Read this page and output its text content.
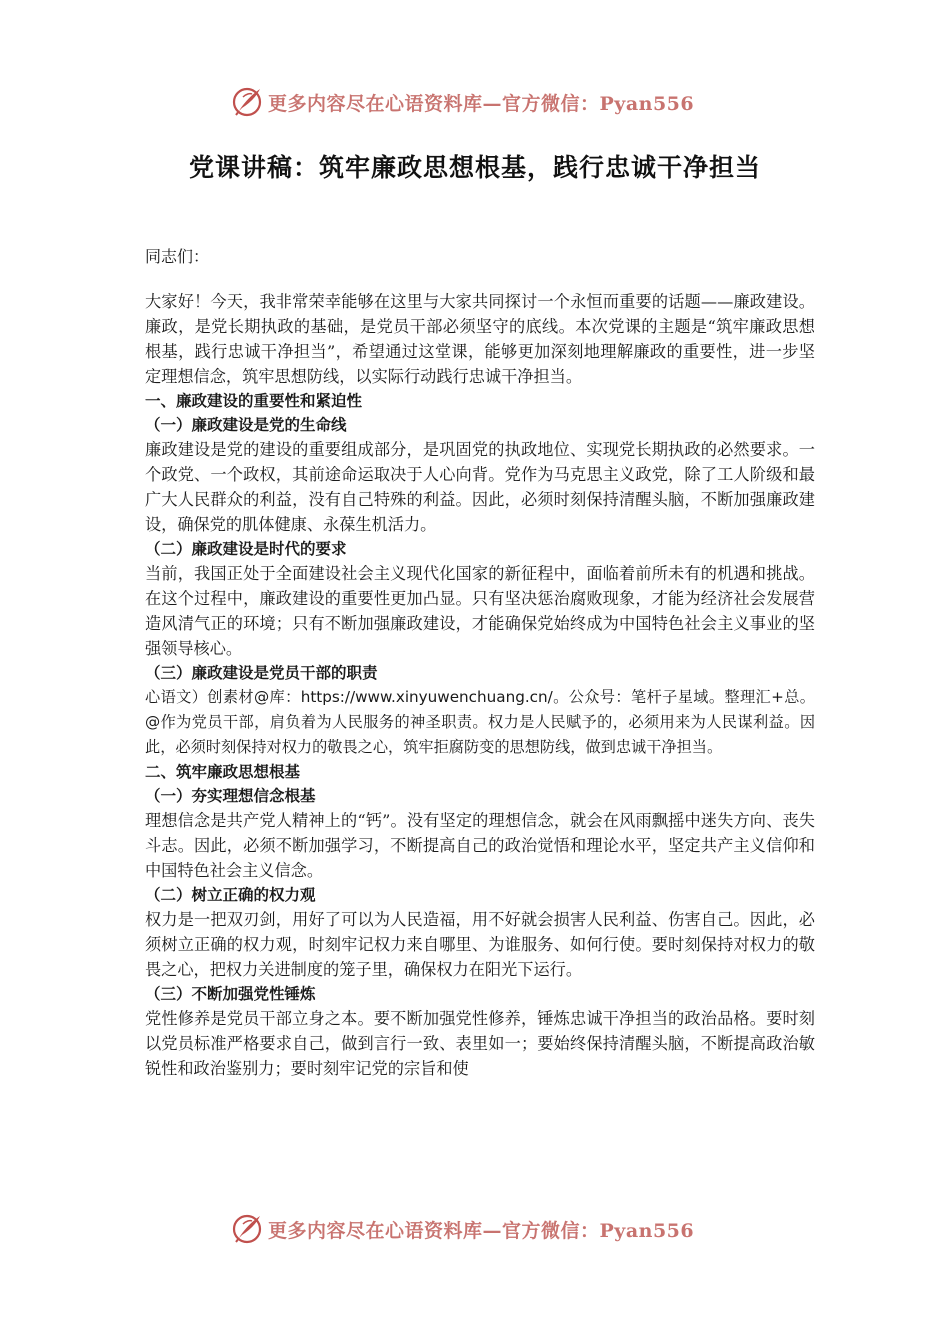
更多内容尽在心语资料库—官方微信：Pyan556
党课讲稿：筑牢廉政思想根基，践行忠诚干净担当

同志们：

大家好！今天，我非常荣幸能够在这里与大家共同探讨一个永恒而重要的话题——廉政建设。廉政，是党长期执政的基础，是党员干部必须坚守的底线。本次党课的主题是“筑牢廉政思想根基，践行忠诚干净担当”，希望通过这堂课，能够更加深刻地理解廉政的重要性，进一步坚定理想信念，筑牢思想防线，以实际行动践行忠诚干净担当。

一、廉政建设的重要性和紧迫性

（一）廉政建设是党的生命线

廉政建设是党的建设的重要组成部分，是巩固党的执政地位、实现党长期执政的必然要求。一个政党、一个政权，其前途命运取决于人心向背。党作为马克思主义政党，除了工人阶级和最广大人民群众的利益，没有自己特殊的利益。因此，必须时刻保持清醒头脑，不断加强廉政建设，确保党的肌体健康、永葆生机活力。

（二）廉政建设是时代的要求

当前，我国正处于全面建设社会主义现代化国家的新征程中，面临着前所未有的机遇和挑战。在这个过程中，廉政建设的重要性更加凸显。只有坚决惩治腐败现象，才能为经济社会发展营造风清气正的环境；只有不断加强廉政建设，才能确保党始终成为中国特色社会主义事业的坚强领导核心。

（三）廉政建设是党员干部的职责

心语文）创素材@库：https://www.xinyuwenchuang.cn/。公众号：笔杆子星域。整理汇+总。@作为党员干部，肩负着为人民服务的神圣职责。权力是人民赋予的，必须用来为人民谋利益。因此，必须时刻保持对权力的敬畏之心，筑牢拒腐防变的思想防线，做到忠诚干净担当。

二、筑牢廉政思想根基

（一）夯实理想信念根基

理想信念是共产党人精神上的“钙”。没有坚定的理想信念，就会在风雨飘摇中迷失方向、丧失斗志。因此，必须不断加强学习，不断提高自己的政治觉悟和理论水平，坚定共产主义信仰和中国特色社会主义信念。

（二）树立正确的权力观

权力是一把双刃剑，用好了可以为人民造福，用不好就会损害人民利益、伤害自己。因此，必须树立正确的权力观，时刻牢记权力来自哪里、为谁服务、如何行使。要时刻保持对权力的敬畏之心，把权力关进制度的笼子里，确保权力在阳光下运行。

（三）不断加强党性锤炼

党性修养是党员干部立身之本。要不断加强党性修养，锤炼忠诚干净担当的政治品格。要时刻以党员标准严格要求自己，做到言行一致、表里如一；要始终保持清醒头脑，不断提高政治敏锐性和政治鉴别力；要时刻牢记党的宗旨和使

更多内容尽在心语资料库—官方微信：Pyan556
